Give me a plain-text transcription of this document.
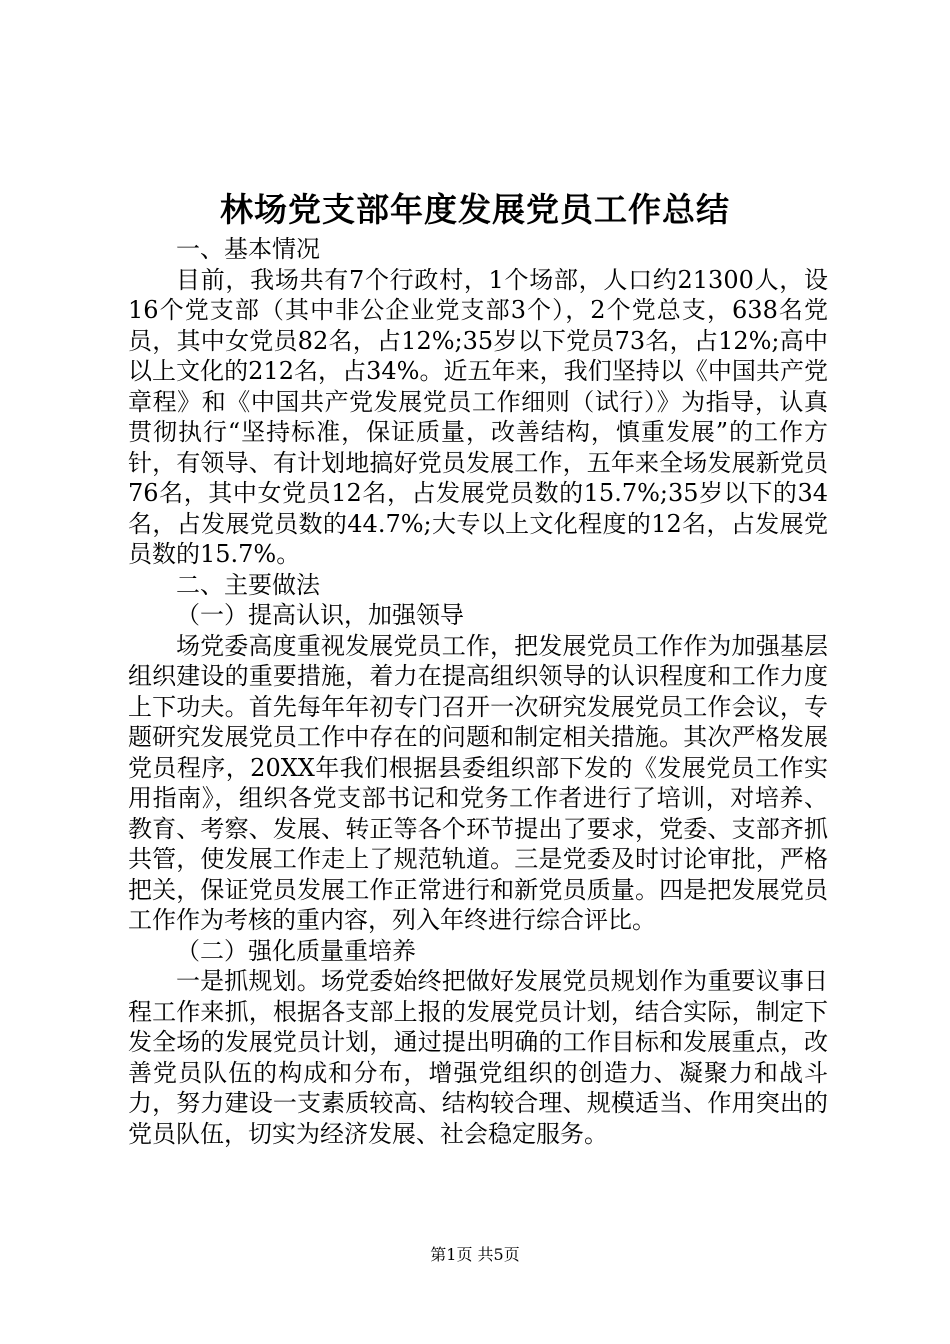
林场党支部年度发展党员工作总结

一、基本情况

目前，我场共有7个行政村，1个场部，人口约21300人，设16个党支部（其中非公企业党支部3个），2个党总支，638名党员，其中女党员82名，占12%;35岁以下党员73名，占12%;高中以上文化的212名，占34%。近五年来，我们坚持以《中国共产党章程》和《中国共产党发展党员工作细则（试行）》为指导，认真贯彻执行“坚持标准，保证质量，改善结构，慎重发展”的工作方针，有领导、有计划地搞好党员发展工作，五年来全场发展新党员76名，其中女党员12名，占发展党员数的15.7%;35岁以下的34名，占发展党员数的44.7%;大专以上文化程度的12名，占发展党员数的15.7%。

二、主要做法

（一）提高认识，加强领导

场党委高度重视发展党员工作，把发展党员工作作为加强基层组织建设的重要措施，着力在提高组织领导的认识程度和工作力度上下功夫。首先每年年初专门召开一次研究发展党员工作会议，专题研究发展党员工作中存在的问题和制定相关措施。其次严格发展党员程序，20XX年我们根据县委组织部下发的《发展党员工作实用指南》，组织各党支部书记和党务工作者进行了培训，对培养、教育、考察、发展、转正等各个环节提出了要求，党委、支部齐抓共管，使发展工作走上了规范轨道。三是党委及时讨论审批，严格把关，保证党员发展工作正常进行和新党员质量。四是把发展党员工作作为考核的重内容，列入年终进行综合评比。

（二）强化质量重培养

一是抓规划。场党委始终把做好发展党员规划作为重要议事日程工作来抓，根据各支部上报的发展党员计划，结合实际，制定下发全场的发展党员计划，通过提出明确的工作目标和发展重点，改善党员队伍的构成和分布，增强党组织的创造力、凝聚力和战斗力，努力建设一支素质较高、结构较合理、规模适当、作用突出的党员队伍，切实为经济发展、社会稳定服务。

第1页 共5页
